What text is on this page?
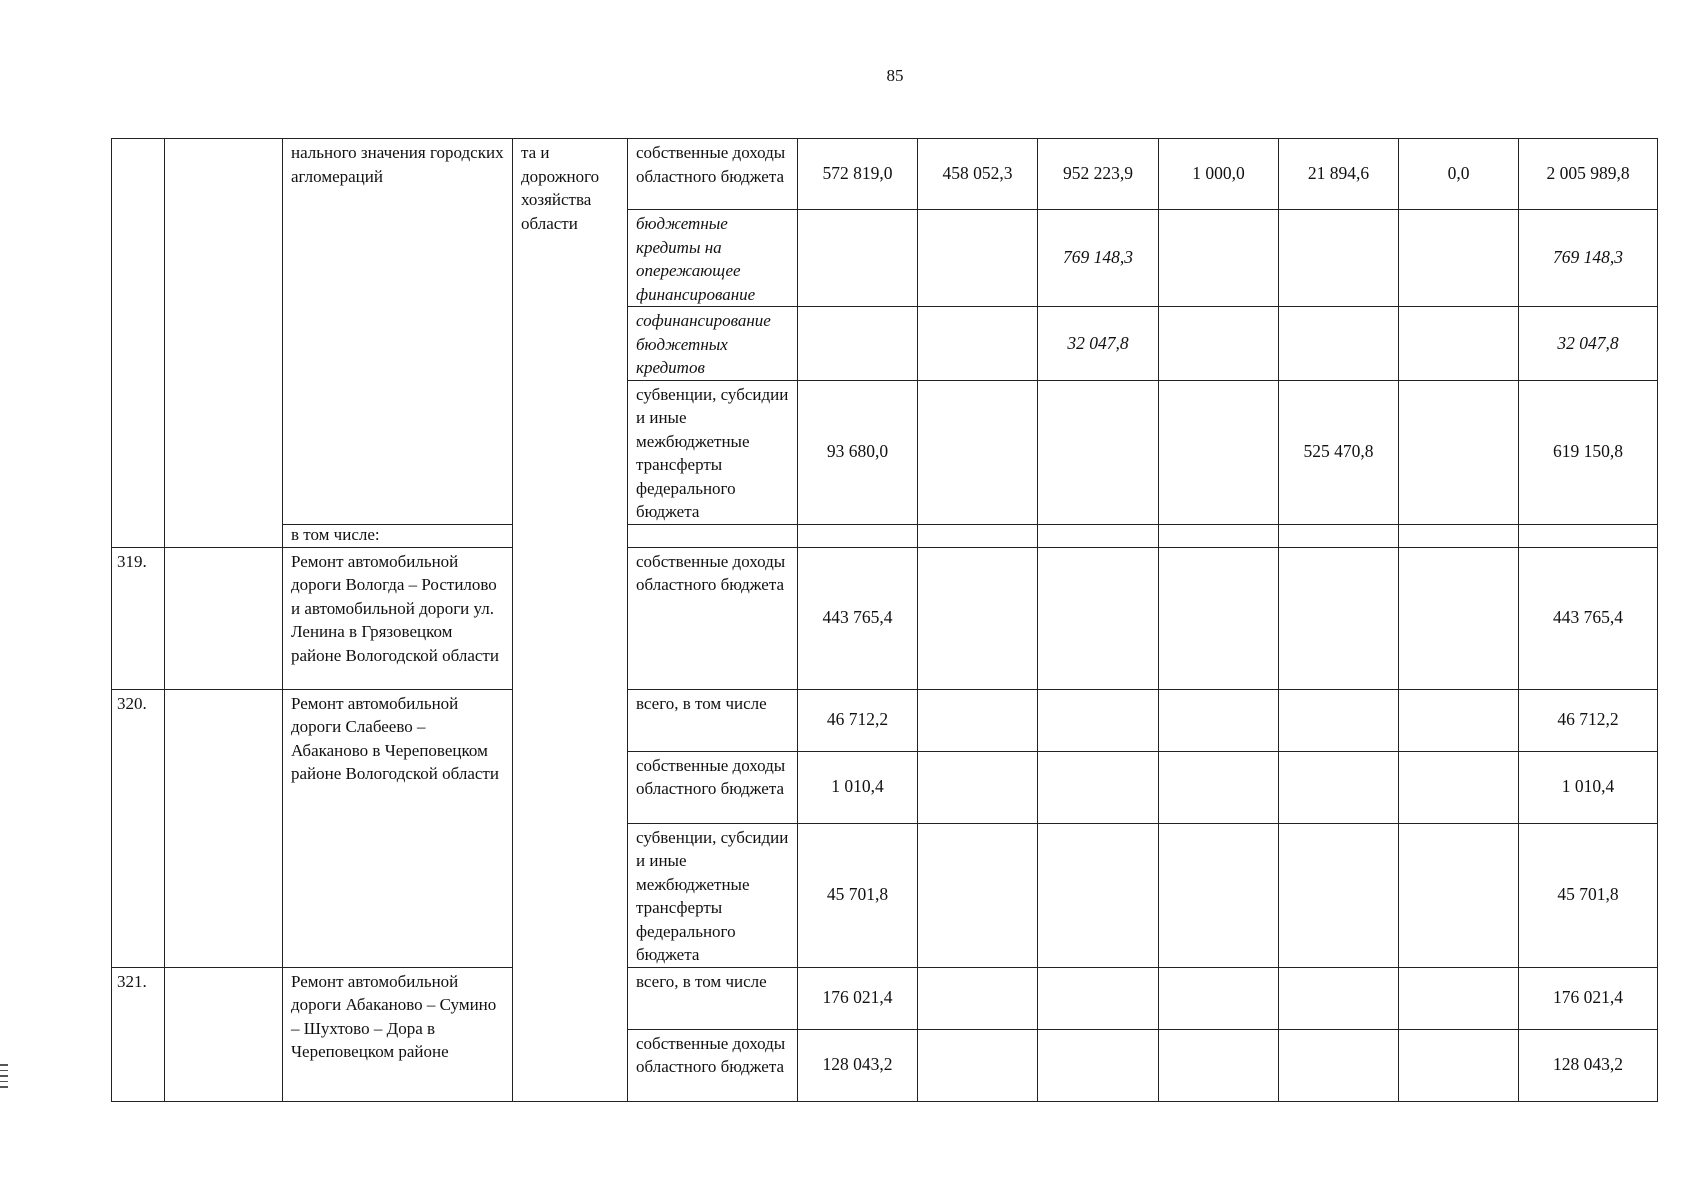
85
		нального значения городских агломераций	та и дорожного хозяйства области	собственные доходы областного бюджета	572 819,0	458 052,3	952 223,9	1 000,0	21 894,6	0,0	2 005 989,8
				бюджетные кредиты на опережающее финансирование			769 148,3				769 148,3
				софинансирование бюджетных кредитов			32 047,8				32 047,8
				субвенции, субсидии и иные межбюджетные трансферты федерального бюджета	93 680,0				525 470,8		619 150,8
		в том числе:									
319.		Ремонт автомобильной дороги Вологда – Ростилово и автомобильной дороги ул. Ленина в Грязовецком районе Вологодской области		собственные доходы областного бюджета	443 765,4						443 765,4
320.		Ремонт автомобильной дороги Слабеево – Абаканово в Череповецком районе Вологодской области		всего, в том числе	46 712,2						46 712,2
				собственные доходы областного бюджета	1 010,4						1 010,4
				субвенции, субсидии и иные межбюджетные трансферты федерального бюджета	45 701,8						45 701,8
321.		Ремонт автомобильной дороги Абаканово – Сумино – Шухтово – Дора в Череповецком районе		всего, в том числе	176 021,4						176 021,4
				собственные доходы областного бюджета	128 043,2						128 043,2
